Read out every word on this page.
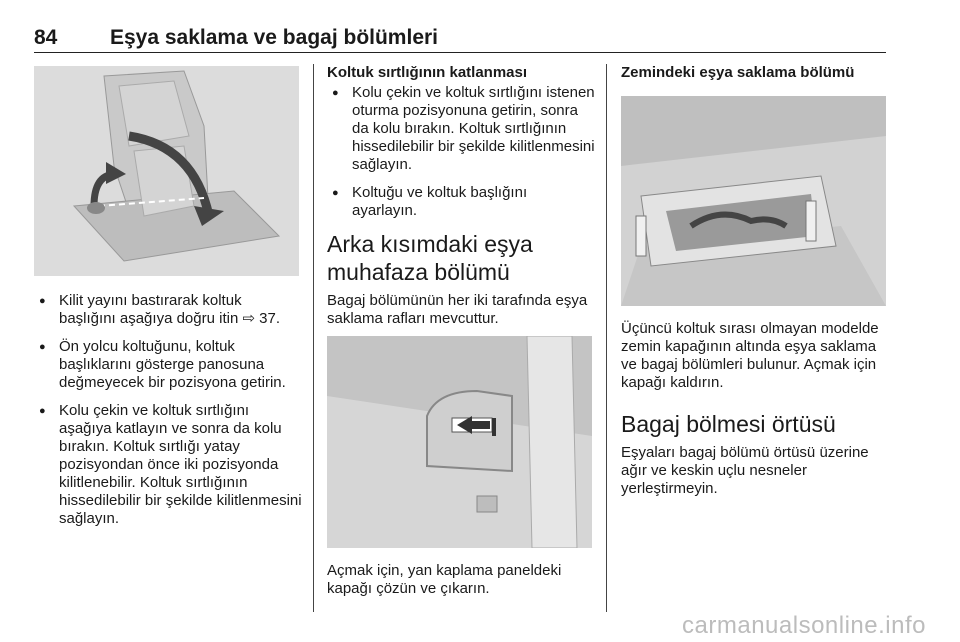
84	Eşya saklama ve bagaj bölümleri
● Kilit yayını bastırarak koltuk başlığını aşağıya doğru itin ⇨ 37.
● Ön yolcu koltuğunu, koltuk başlıklarını gösterge panosuna değmeyecek bir pozisyona getirin.
● Kolu çekin ve koltuk sırtlığını aşağıya katlayın ve sonra da kolu bırakın. Koltuk sırtlığı yatay pozisyondan önce iki pozisyonda kilitlenebilir. Koltuk sırtlığının hissedilebilir bir şekilde kilitlenmesini sağlayın.
Koltuk sırtlığının katlanması
● Kolu çekin ve koltuk sırtlığını istenen oturma pozisyonuna getirin, sonra da kolu bırakın. Koltuk sırtlığının hissedilebilir bir şekilde kilitlenmesini sağlayın.
● Koltuğu ve koltuk başlığını ayarlayın.
Arka kısımdaki eşya muhafaza bölümü

Bagaj bölümünün her iki tarafında eşya saklama rafları mevcuttur.

Açmak için, yan kaplama paneldeki kapağı çözün ve çıkarın.

Zemindeki eşya saklama bölümü

Üçüncü koltuk sırası olmayan modelde zemin kapağının altında eşya saklama ve bagaj bölümleri bulunur. Açmak için kapağı kaldırın.

Bagaj bölmesi örtüsü

Eşyaları bagaj bölümü örtüsü üzerine ağır ve keskin uçlu nesneler yerleştirmeyin.

carmanualsonline.info
